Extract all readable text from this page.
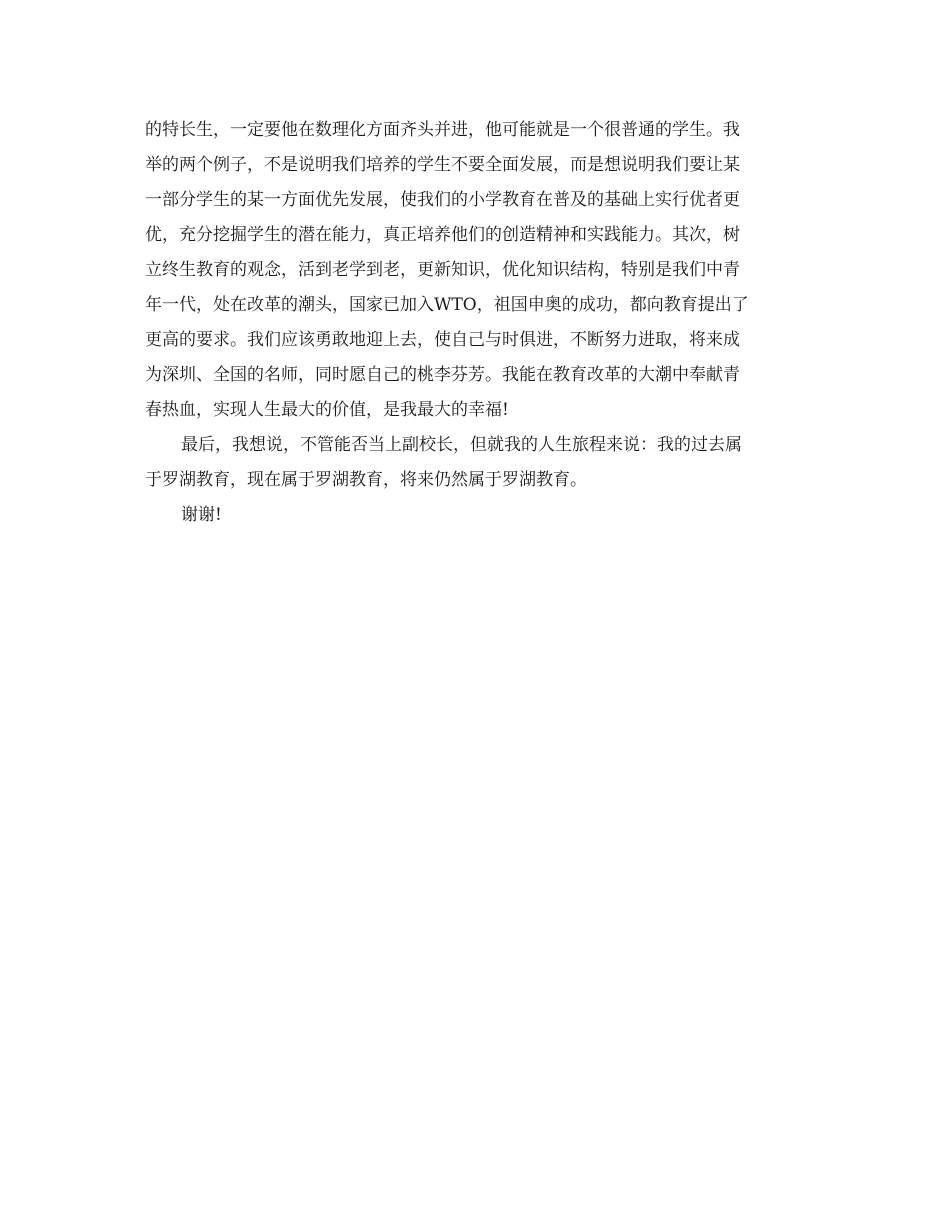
的特长生，一定要他在数理化方面齐头并进，他可能就是一个很普通的学生。我
举的两个例子，不是说明我们培养的学生不要全面发展，而是想说明我们要让某
一部分学生的某一方面优先发展，使我们的小学教育在普及的基础上实行优者更
优，充分挖掘学生的潜在能力，真正培养他们的创造精神和实践能力。其次，树
立终生教育的观念，活到老学到老，更新知识，优化知识结构，特别是我们中青
年一代，处在改革的潮头，国家已加入WTO，祖国申奥的成功，都向教育提出了
更高的要求。我们应该勇敢地迎上去，使自己与时俱进，不断努力进取，将来成
为深圳、全国的名师，同时愿自己的桃李芬芳。我能在教育改革的大潮中奉献青
春热血，实现人生最大的价值，是我最大的幸福!
最后，我想说，不管能否当上副校长，但就我的人生旅程来说：我的过去属
于罗湖教育，现在属于罗湖教育，将来仍然属于罗湖教育。
谢谢!
